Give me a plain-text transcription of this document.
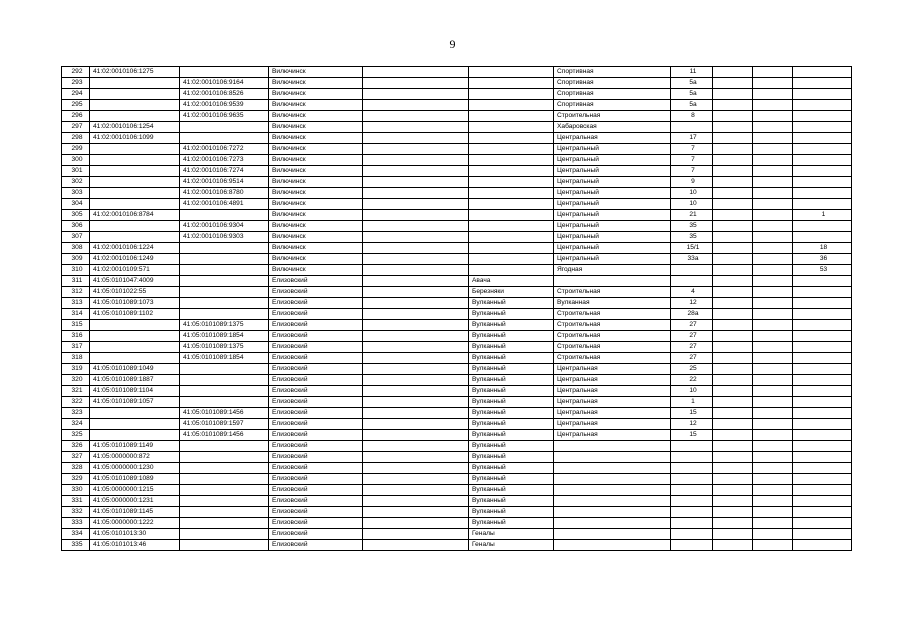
9
292	41:02:0010106:1275		Вилючинск			Спортивная	11			
293		41:02:0010106:9164	Вилючинск			Спортивная	5а			
294		41:02:0010106:8526	Вилючинск			Спортивная	5а			
295		41:02:0010106:9539	Вилючинск			Спортивная	5а			
296		41:02:0010106:9635	Вилючинск			Строительная	8			
297	41:02:0010106:1254		Вилючинск			Хабаровская				
298	41:02:0010106:1099		Вилючинск			Центральная	17			
299		41:02:0010106:7272	Вилючинск			Центральный	7			
300		41:02:0010106:7273	Вилючинск			Центральный	7			
301		41:02:0010106:7274	Вилючинск			Центральный	7			
302		41:02:0010106:9514	Вилючинск			Центральный	9			
303		41:02:0010106:8780	Вилючинск			Центральный	10			
304		41:02:0010106:4891	Вилючинск			Центральный	10			
305	41:02:0010106:8784		Вилючинск			Центральный	21			1
306		41:02:0010106:9304	Вилючинск			Центральный	35			
307		41:02:0010106:9303	Вилючинск			Центральный	35			
308	41:02:0010106:1224		Вилючинск			Центральный	15/1			18
309	41:02:0010106:1249		Вилючинск			Центральный	33а			36
310	41:02:0010109:571		Вилючинск			Ягодная				53
311	41:05:0101047:4009		Елизовский		Авача					
312	41:05:0101022:55		Елизовский		Березняки	Строительная	4			
313	41:05:0101089:1073		Елизовский		Вулканный	Вулканная	12			
314	41:05:0101089:1102		Елизовский		Вулканный	Строительная	28а			
315		41:05:0101089:1375	Елизовский		Вулканный	Строительная	27			
316		41:05:0101089:1854	Елизовский		Вулканный	Строительная	27			
317		41:05:0101089:1375	Елизовский		Вулканный	Строительная	27			
318		41:05:0101089:1854	Елизовский		Вулканный	Строительная	27			
319	41:05:0101089:1049		Елизовский		Вулканный	Центральная	25			
320	41:05:0101089:1887		Елизовский		Вулканный	Центральная	22			
321	41:05:0101089:1104		Елизовский		Вулканный	Центральная	10			
322	41:05:0101089:1057		Елизовский		Вулканный	Центральная	1			
323		41:05:0101089:1456	Елизовский		Вулканный	Центральная	15			
324		41:05:0101089:1597	Елизовский		Вулканный	Центральная	12			
325		41:05:0101089:1456	Елизовский		Вулканный	Центральная	15			
326	41:05:0101089:1149		Елизовский		Вулканный					
327	41:05:0000000:872		Елизовский		Вулканный					
328	41:05:0000000:1230		Елизовский		Вулканный					
329	41:05:0101089:1089		Елизовский		Вулканный					
330	41:05:0000000:1215		Елизовский		Вулканный					
331	41:05:0000000:1231		Елизовский		Вулканный					
332	41:05:0101089:1145		Елизовский		Вулканный					
333	41:05:0000000:1222		Елизовский		Вулканный					
334	41:05:0101013:30		Елизовский		Геналы					
335	41:05:0101013:46		Елизовский		Геналы					
